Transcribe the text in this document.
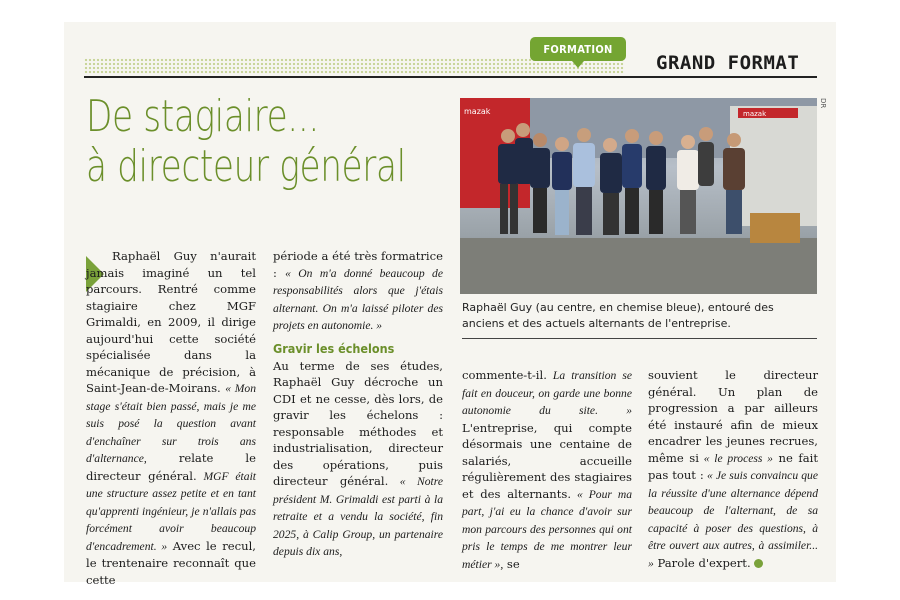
FORMATION
GRAND FORMAT
De stagiaire...
à directeur général
mazak	mazak
DR
Raphaël Guy (au centre, en chemise bleue), entouré des anciens et des actuels alternants de l'entreprise.

Raphaël Guy n'aurait jamais imaginé un tel parcours. Rentré comme stagiaire chez MGF Grimaldi, en 2009, il dirige aujourd'hui cette société spécialisée dans la mécanique de précision, à Saint-Jean-de-Moirans. « Mon stage s'était bien passé, mais je me suis posé la question avant d'enchaîner sur trois ans d'alternance, relate le directeur général. MGF était une structure assez petite et en tant qu'apprenti ingénieur, je n'allais pas forcément avoir beaucoup d'encadrement. » Avec le recul, le trentenaire reconnaît que cette

période a été très formatrice : « On m'a donné beaucoup de responsabilités alors que j'étais alternant. On m'a laissé piloter des projets en autonomie. »

Gravir les échelons

Au terme de ses études, Raphaël Guy décroche un CDI et ne cesse, dès lors, de gravir les échelons : responsable méthodes et industrialisation, directeur des opérations, puis directeur général. « Notre président M. Grimaldi est parti à la retraite et a vendu la société, fin 2025, à Calip Group, un partenaire depuis dix ans,

commente-t-il. La transition se fait en douceur, on garde une bonne autonomie du site. » L'entreprise, qui compte désormais une centaine de salariés, accueille régulièrement des stagiaires et des alternants. « Pour ma part, j'ai eu la chance d'avoir sur mon parcours des personnes qui ont pris le temps de me montrer leur métier », se

souvient le directeur général. Un plan de progression a par ailleurs été instauré afin de mieux encadrer les jeunes recrues, même si « le process » ne fait pas tout : « Je suis convaincu que la réussite d'une alternance dépend beaucoup de l'alternant, de sa capacité à poser des questions, à être ouvert aux autres, à assimiler... » Parole d'expert.
